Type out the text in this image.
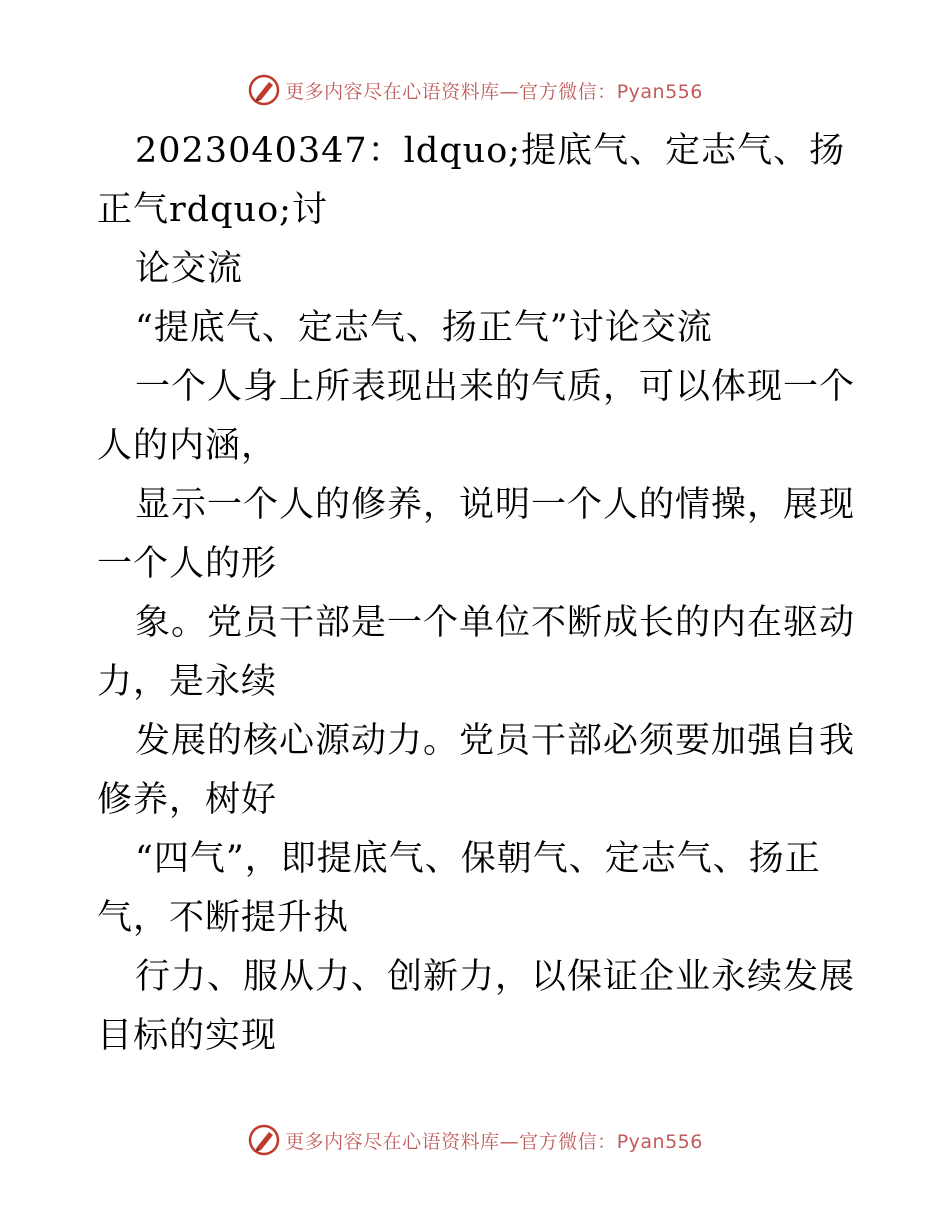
更多内容尽在心语资料库—官方微信：Pyan556

2023040347：ldquo;提底气、定志气、扬正气rdquo;讨

论交流

“提底气、定志气、扬正气”讨论交流

一个人身上所表现出来的气质，可以体现一个人的内涵，

显示一个人的修养，说明一个人的情操，展现一个人的形

象。党员干部是一个单位不断成长的内在驱动力，是永续

发展的核心源动力。党员干部必须要加强自我修养，树好

“四气”，即提底气、保朝气、定志气、扬正气，不断提升执

行力、服从力、创新力，以保证企业永续发展目标的实现

更多内容尽在心语资料库—官方微信：Pyan556
